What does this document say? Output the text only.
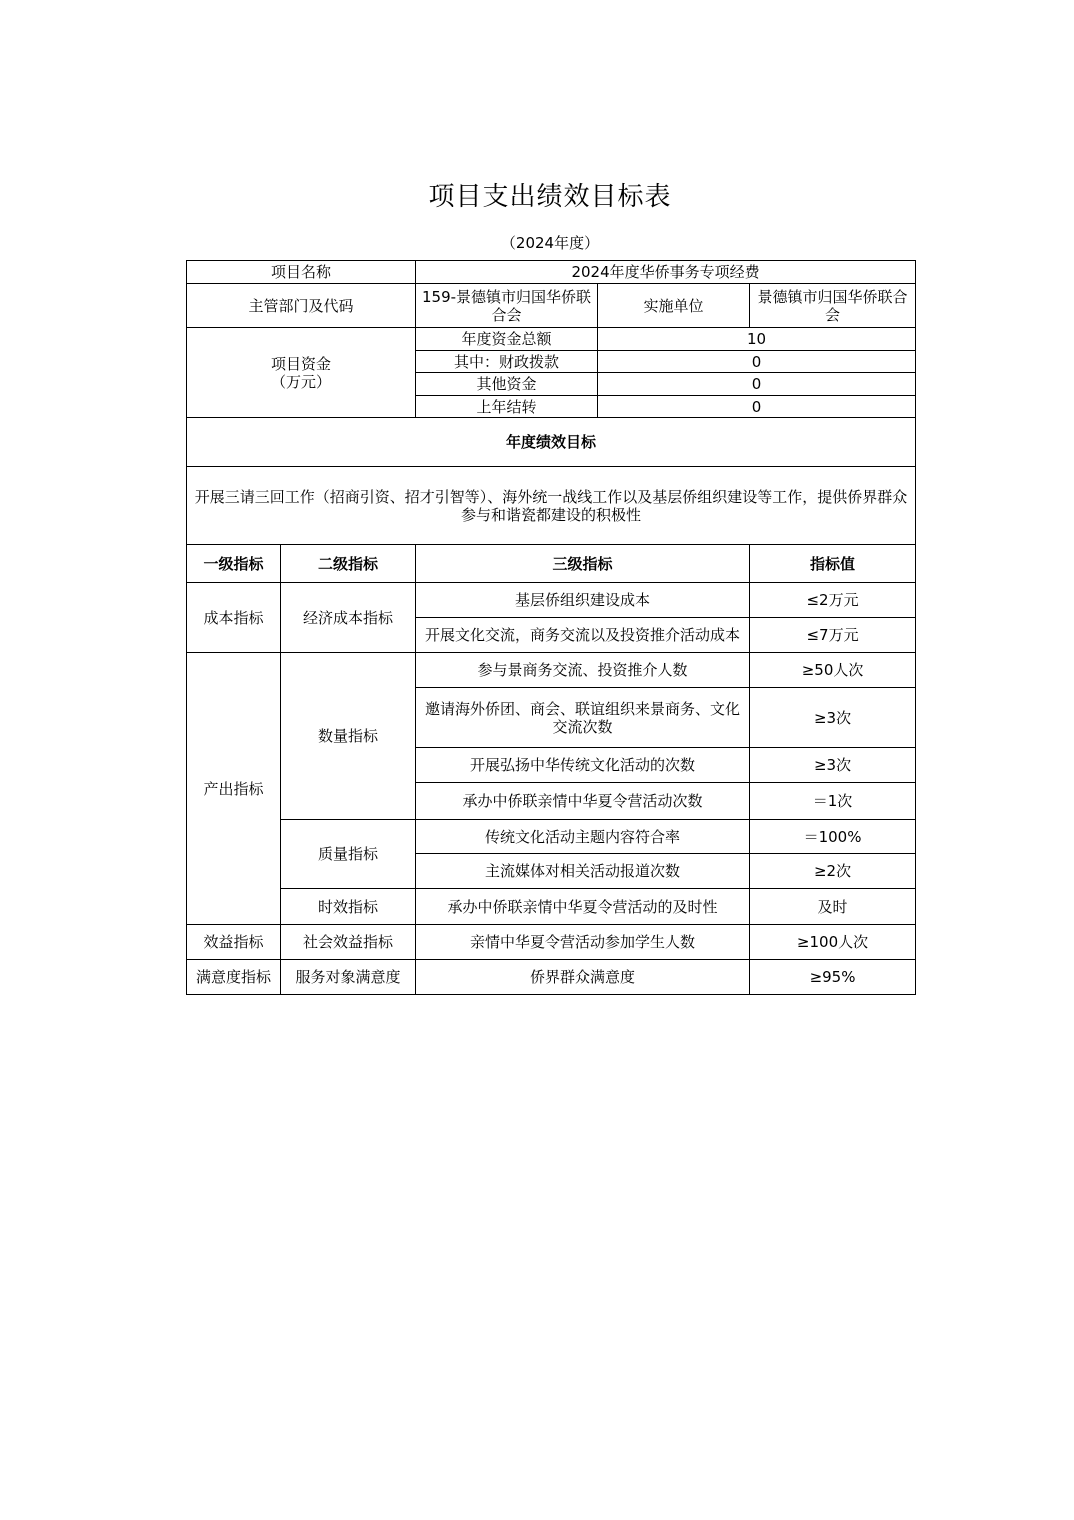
项目支出绩效目标表
（2024年度）
项目名称		2024年度华侨事务专项经费		
主管部门及代码		159-景德镇市归国华侨联合会	实施单位	景德镇市归国华侨联合会

项目资金
（万元）		年度资金总额	10	
		其中：财政拨款	0	
		其他资金	0	
		上年结转	0	
年度绩效目标				
开展三请三回工作（招商引资、招才引智等）、海外统一战线工作以及基层侨组织建设等工作，提供侨界群众参与和谐瓷都建设的积极性				
一级指标	二级指标	三级指标		指标值
成本指标	经济成本指标	基层侨组织建设成本		≤2万元
		开展文化交流，商务交流以及投资推介活动成本		≤7万元
产出指标	数量指标	参与景商务交流、投资推介人数		≥50人次
		邀请海外侨团、商会、联谊组织来景商务、文化交流次数		≥3次
		开展弘扬中华传统文化活动的次数		≥3次
		承办中侨联亲情中华夏令营活动次数		＝1次
	质量指标	传统文化活动主题内容符合率		＝100%
		主流媒体对相关活动报道次数		≥2次
	时效指标	承办中侨联亲情中华夏令营活动的及时性		及时
效益指标	社会效益指标	亲情中华夏令营活动参加学生人数		≥100人次
满意度指标	服务对象满意度	侨界群众满意度		≥95%
